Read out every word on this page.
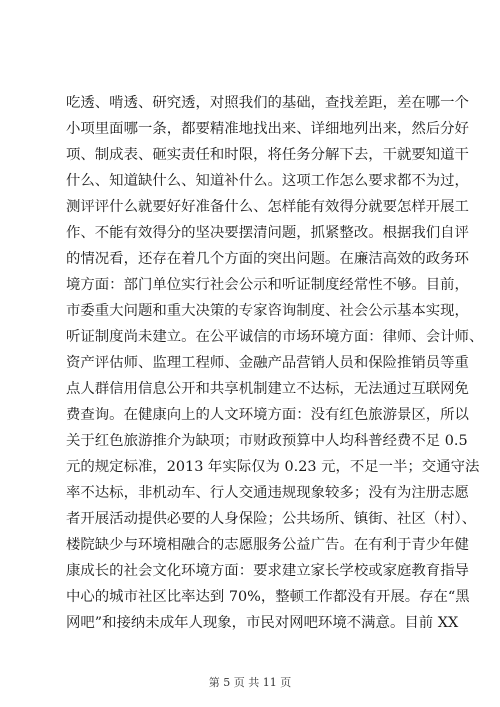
吃透、啃透、研究透，对照我们的基础，查找差距，差在哪一个
小项里面哪一条，都要精准地找出来、详细地列出来，然后分好
项、制成表、砸实责任和时限，将任务分解下去，干就要知道干
什么、知道缺什么、知道补什么。这项工作怎么要求都不为过，
测评评什么就要好好准备什么、怎样能有效得分就要怎样开展工
作、不能有效得分的坚决要摆清问题，抓紧整改。根据我们自评
的情况看，还存在着几个方面的突出问题。在廉洁高效的政务环
境方面：部门单位实行社会公示和听证制度经常性不够。目前，
市委重大问题和重大决策的专家咨询制度、社会公示基本实现，
听证制度尚未建立。在公平诚信的市场环境方面：律师、会计师、
资产评估师、监理工程师、金融产品营销人员和保险推销员等重
点人群信用信息公开和共享机制建立不达标，无法通过互联网免
费查询。在健康向上的人文环境方面：没有红色旅游景区，所以
关于红色旅游推介为缺项；市财政预算中人均科普经费不足 0.5
元的规定标准，2013 年实际仅为 0.23 元，不足一半；交通守法
率不达标，非机动车、行人交通违规现象较多；没有为注册志愿
者开展活动提供必要的人身保险；公共场所、镇街、社区（村）、
楼院缺少与环境相融合的志愿服务公益广告。在有利于青少年健
康成长的社会文化环境方面：要求建立家长学校或家庭教育指导
中心的城市社区比率达到 70%，整顿工作都没有开展。存在“黑
网吧”和接纳未成年人现象，市民对网吧环境不满意。目前 XX
第 5 页 共 11 页
